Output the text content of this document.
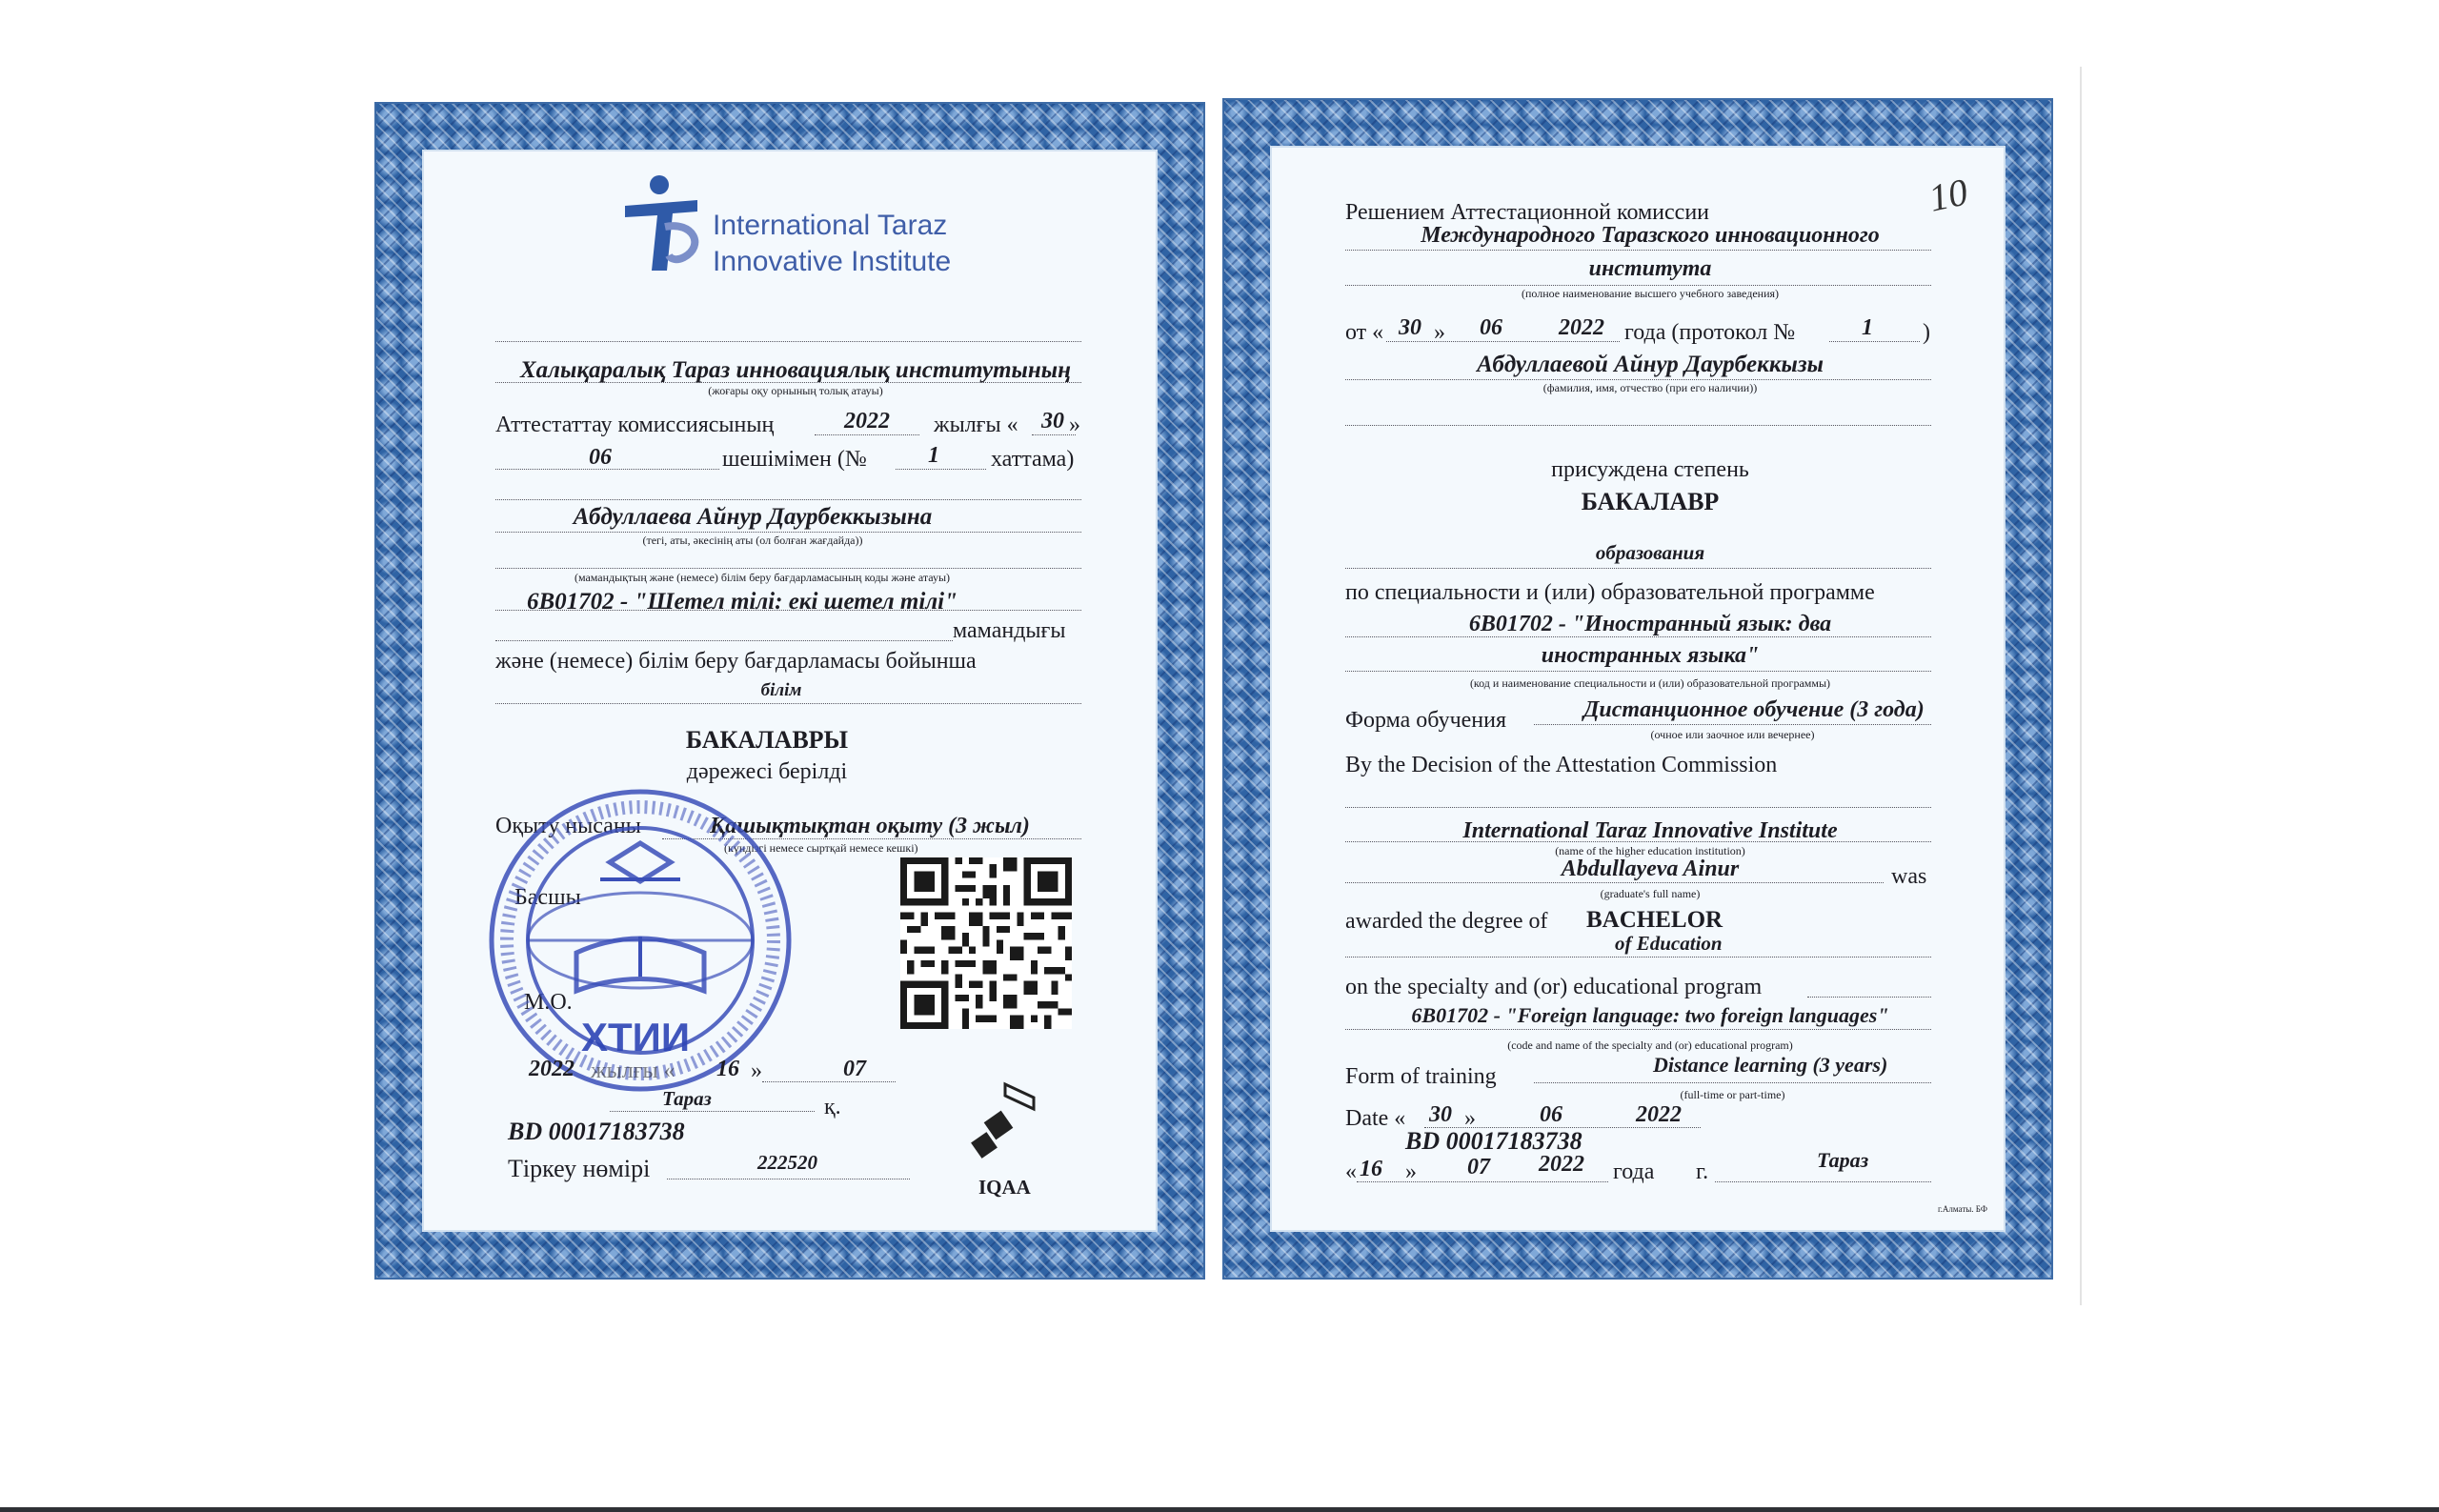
International Taraz
Innovative Institute
Халықаралық Тараз инновациялық институтының
(жоғары оқу орнының толық атауы)
Аттестаттау комиссиясының	2022	жылғы «	30 »
06	шешімімен (№	1	хаттама)
Абдуллаева Айнур Даурбеккызына
(тегі, аты, әкесінің аты (ол болған жағдайда))
(мамандықтың және (немесе) білім беру бағдарламасының коды және атауы)
6В01702 - "Шетел тілі: екі шетел тілі"
мамандығы
және (немесе) білім беру бағдарламасы бойынша
білім
БАКАЛАВРЫ
дәрежесі берілді
Оқыту нысаны	Қашықтықтан оқыту (3 жыл)
(күндізгі немесе сыртқай немесе кешкі)
Басшы
М.О.
ХТИИ
2022 жылғы « 16 »	07
Тараз	қ.
BD 00017183738
Тіркеу нөмірі	222520
IQAA
10
Решением Аттестационной комиссии
Международного Таразского инновационного
института
(полное наименование высшего учебного заведения)
от « 30 »	06	2022 года (протокол №	1	)
Абдуллаевой Айнур Даурбеккызы
(фамилия, имя, отчество (при его наличии))
присуждена степень
БАКАЛАВР
образования
по специальности и (или) образовательной программе
6В01702 - "Иностранный язык: два
иностранных языка"
(код и наименование специальности и (или) образовательной программы)
Форма обучения	Дистанционное обучение (3 года)
(очное или заочное или вечернее)
By the Decision of the Attestation Commission
International Taraz Innovative Institute
(name of the higher education institution)
Abdullayeva Ainur	was
(graduate's full name)
awarded the degree of BACHELOR
of Education
on the specialty and (or) educational program
6B01702 - "Foreign language: two foreign languages"
(code and name of the specialty and (or) educational program)
Form of training	Distance learning (3 years)
(full-time or part-time)
Date « 30 »	06	2022
BD 00017183738
« 16 » 07 2022 года г.	Тараз
г.Алматы. БФ
